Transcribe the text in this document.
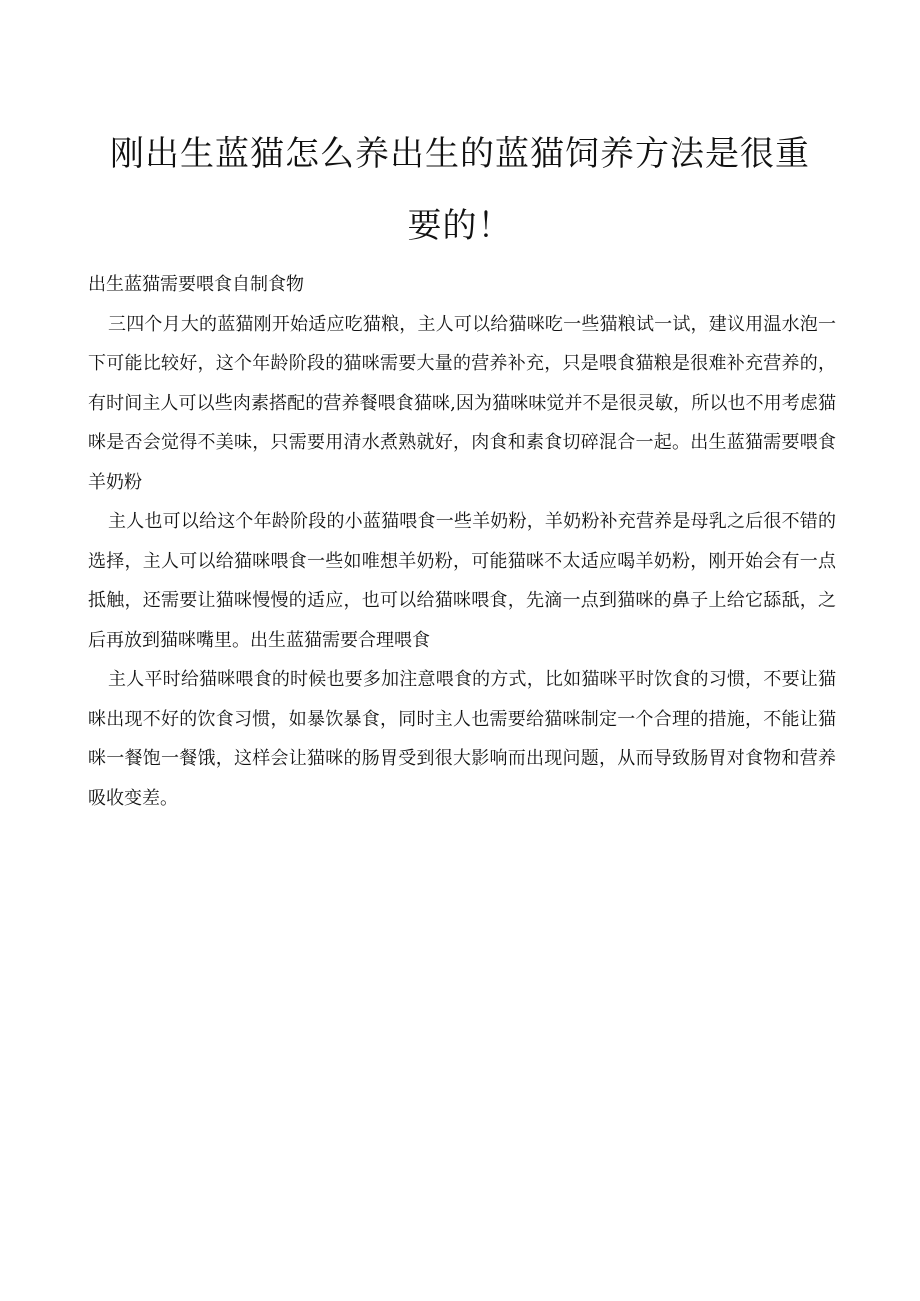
刚出生蓝猫怎么养出生的蓝猫饲养方法是很重
要的！

出生蓝猫需要喂食自制食物

三四个月大的蓝猫刚开始适应吃猫粮，主人可以给猫咪吃一些猫粮试一试，建议用温水泡一下可能比较好，这个年龄阶段的猫咪需要大量的营养补充，只是喂食猫粮是很难补充营养的，有时间主人可以些肉素搭配的营养餐喂食猫咪,因为猫咪味觉并不是很灵敏，所以也不用考虑猫咪是否会觉得不美味，只需要用清水煮熟就好，肉食和素食切碎混合一起。出生蓝猫需要喂食羊奶粉

主人也可以给这个年龄阶段的小蓝猫喂食一些羊奶粉，羊奶粉补充营养是母乳之后很不错的选择，主人可以给猫咪喂食一些如唯想羊奶粉，可能猫咪不太适应喝羊奶粉，刚开始会有一点抵触，还需要让猫咪慢慢的适应，也可以给猫咪喂食，先滴一点到猫咪的鼻子上给它舔舐，之后再放到猫咪嘴里。出生蓝猫需要合理喂食

主人平时给猫咪喂食的时候也要多加注意喂食的方式，比如猫咪平时饮食的习惯，不要让猫咪出现不好的饮食习惯，如暴饮暴食，同时主人也需要给猫咪制定一个合理的措施，不能让猫咪一餐饱一餐饿，这样会让猫咪的肠胃受到很大影响而出现问题，从而导致肠胃对食物和营养吸收变差。
